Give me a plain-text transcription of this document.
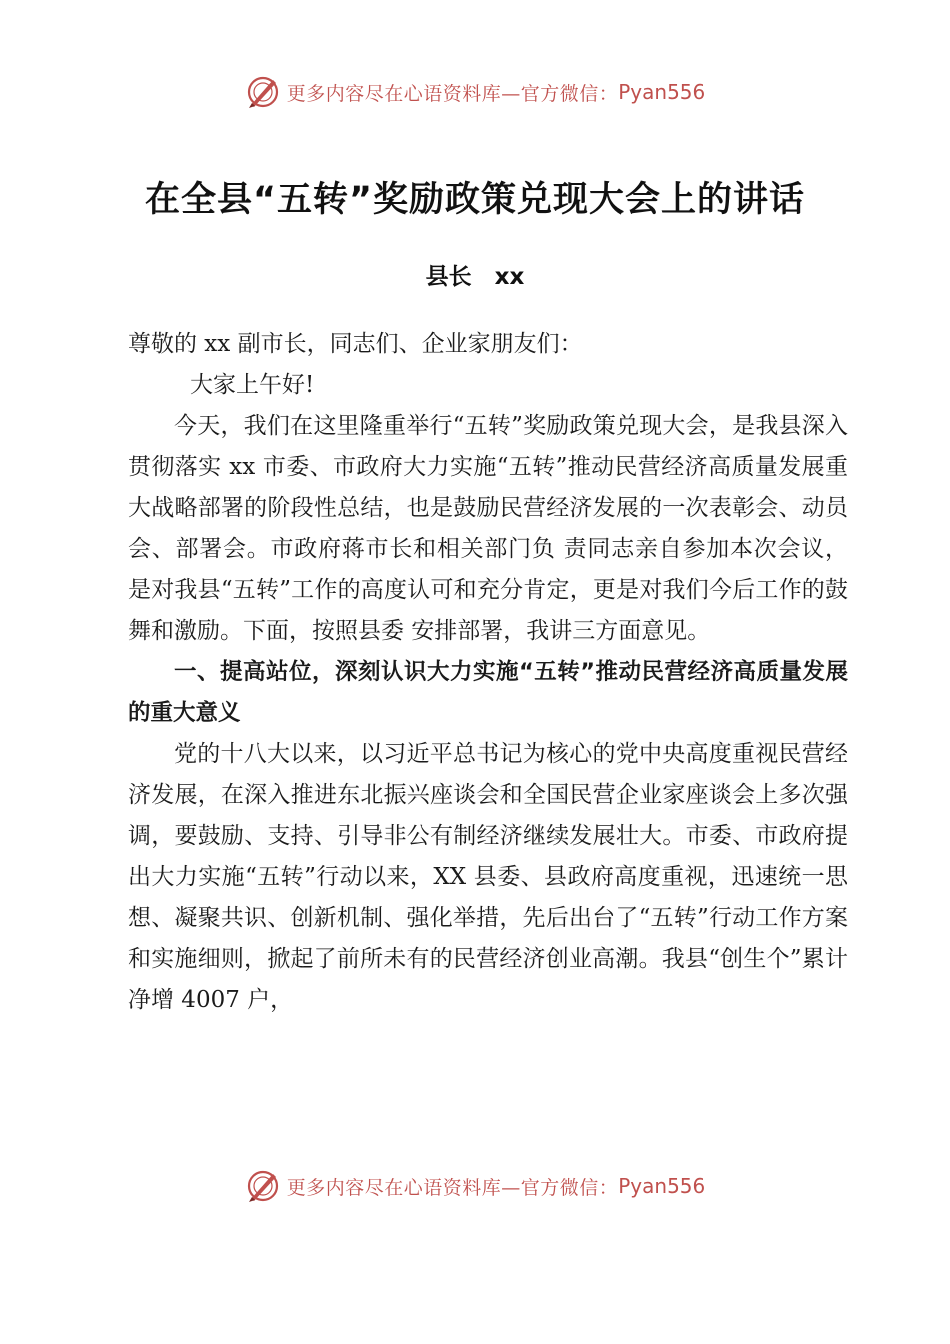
更多内容尽在心语资料库—官方微信： Pyan556
在全县“五转”奖励政策兑现大会上的讲话
县长　xx

尊敬的 xx 副市长，同志们、企业家朋友们：

大家上午好!

今天，我们在这里隆重举行“五转”奖励政策兑现大会，是我县深入贯彻落实 xx 市委、市政府大力实施“五转”推动民营经济高质量发展重大战略部署的阶段性总结，也是鼓励民营经济发展的一次表彰会、动员会、部署会。市政府蒋市长和相关部门负 责同志亲自参加本次会议，是对我县“五转”工作的高度认可和充分肯定，更是对我们今后工作的鼓舞和激励。下面，按照县委 安排部署，我讲三方面意见。

一、提高站位，深刻认识大力实施“五转”推动民营经济高质量发展的重大意义

党的十八大以来，以习近平总书记为核心的党中央高度重视民营经济发展，在深入推进东北振兴座谈会和全国民营企业家座谈会上多次强调，要鼓励、支持、引导非公有制经济继续发展壮大。市委、市政府提出大力实施“五转”行动以来，XX 县委、县政府高度重视，迅速统一思想、凝聚共识、创新机制、强化举措，先后出台了“五转”行动工作方案和实施细则，掀起了前所未有的民营经济创业高潮。我县“创生个”累计净增 4007 户，

更多内容尽在心语资料库—官方微信： Pyan556
